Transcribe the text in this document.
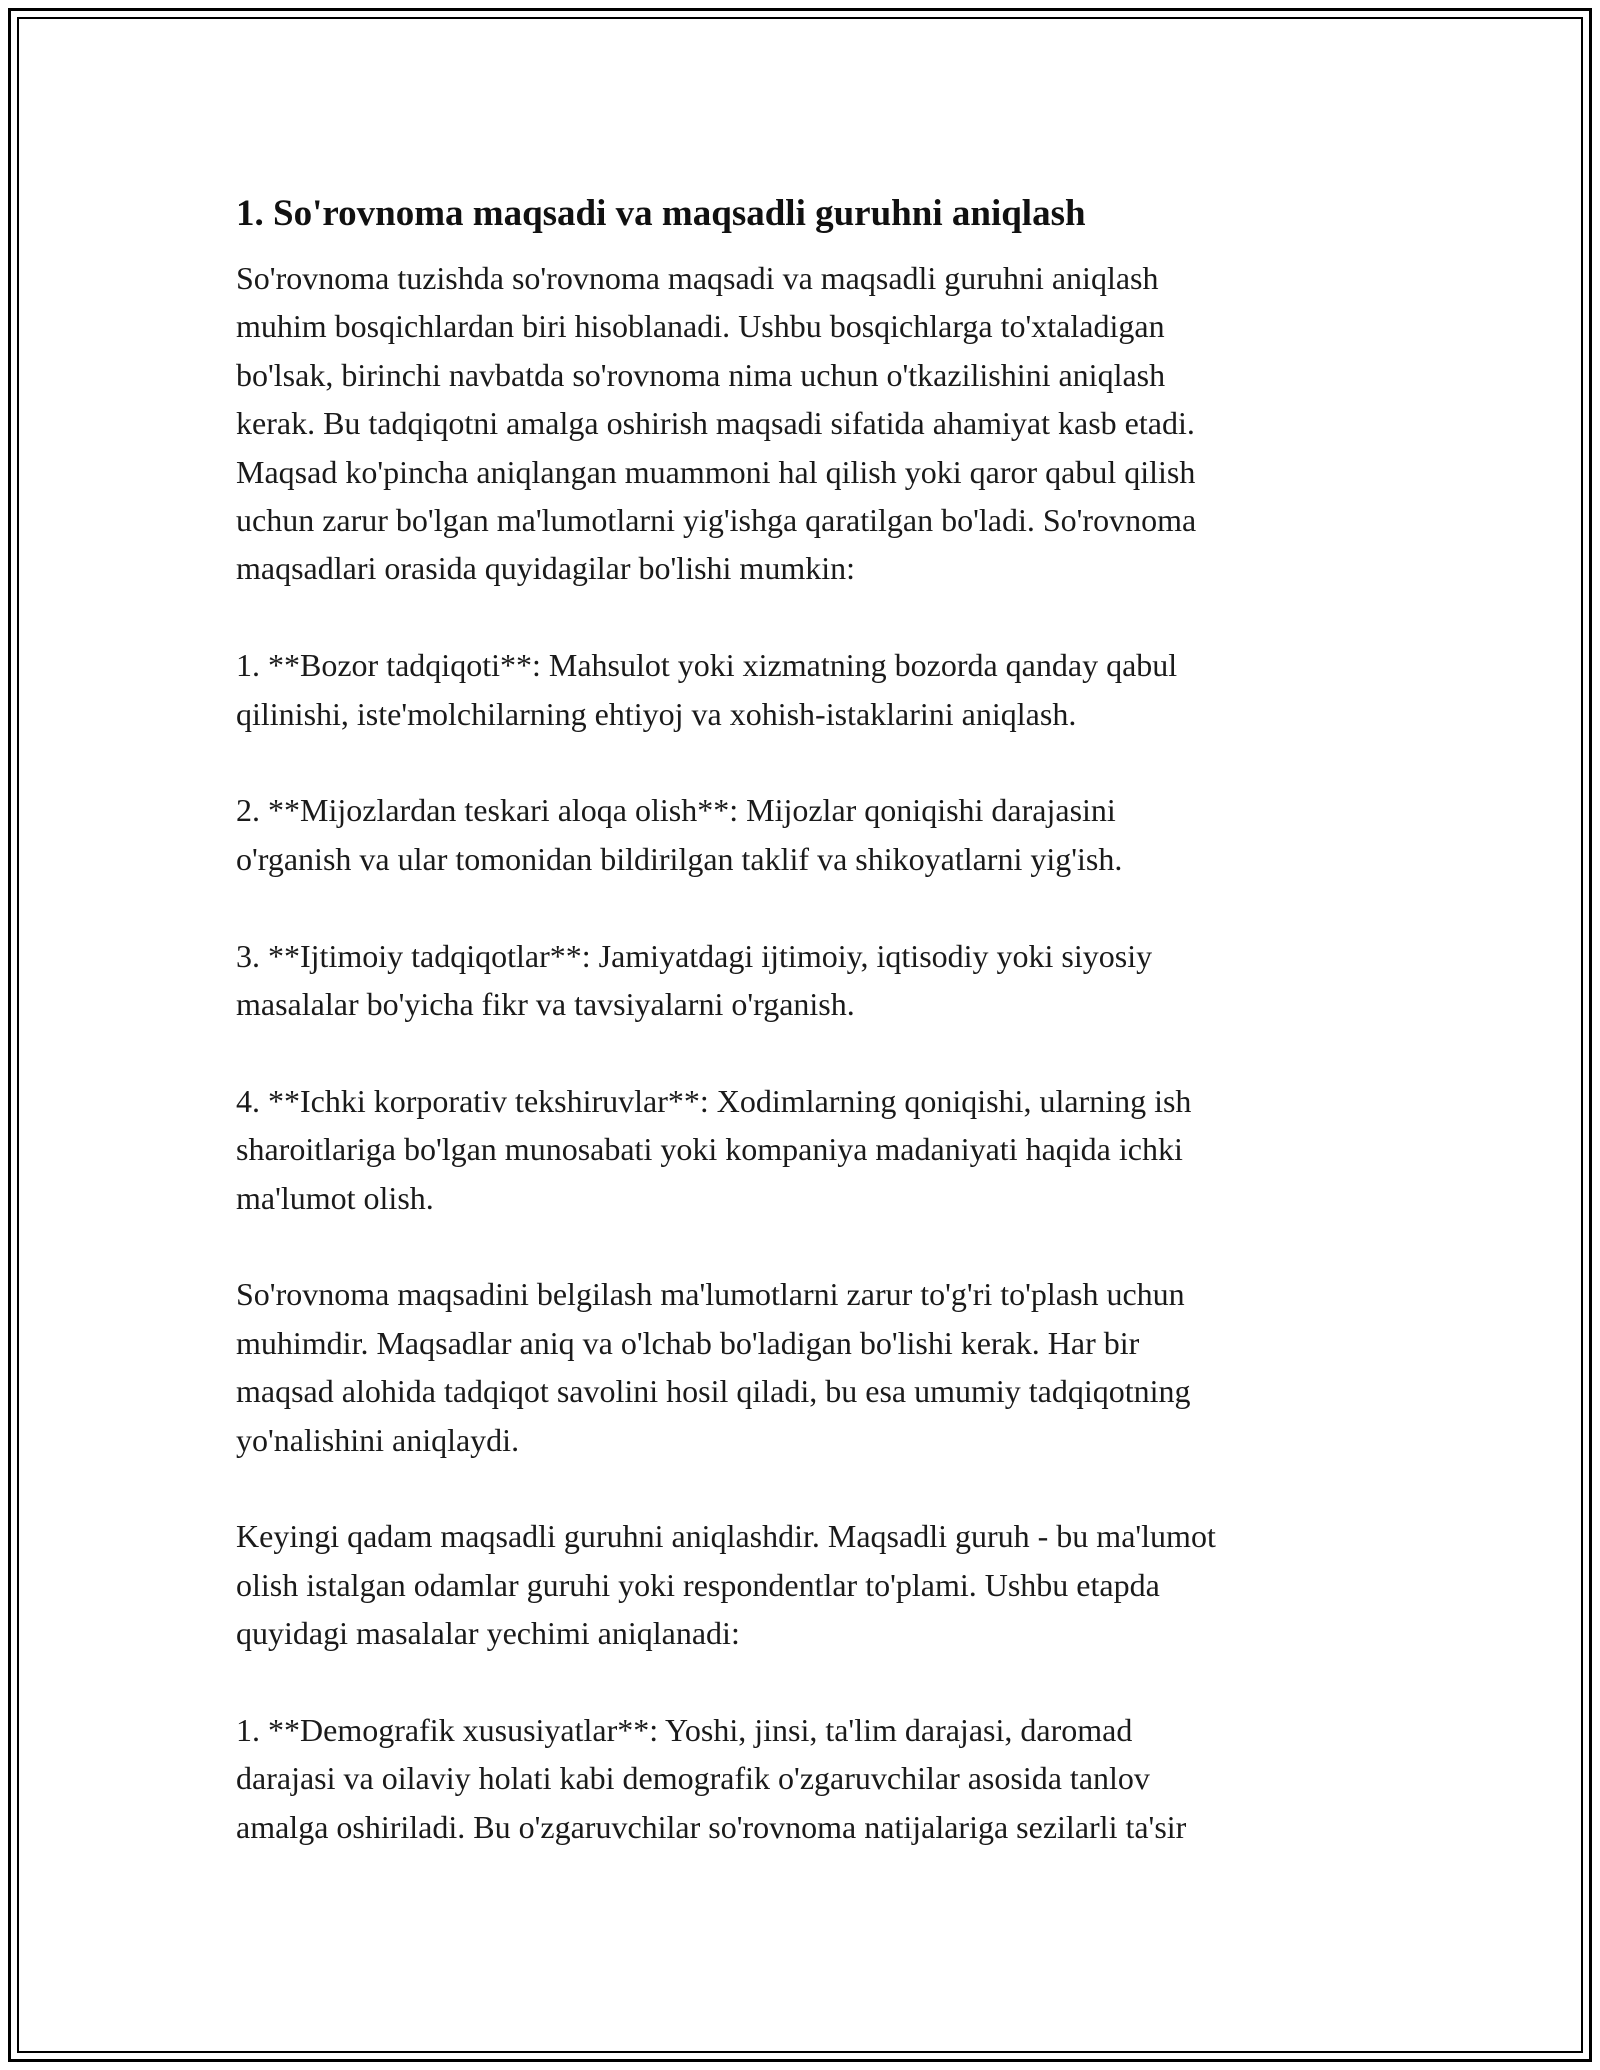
1. So'rovnoma maqsadi va maqsadli guruhni aniqlash

So'rovnoma tuzishda so'rovnoma maqsadi va maqsadli guruhni aniqlash
muhim bosqichlardan biri hisoblanadi. Ushbu bosqichlarga to'xtaladigan
bo'lsak, birinchi navbatda so'rovnoma nima uchun o'tkazilishini aniqlash
kerak. Bu tadqiqotni amalga oshirish maqsadi sifatida ahamiyat kasb etadi.
Maqsad ko'pincha aniqlangan muammoni hal qilish yoki qaror qabul qilish
uchun zarur bo'lgan ma'lumotlarni yig'ishga qaratilgan bo'ladi. So'rovnoma
maqsadlari orasida quyidagilar bo'lishi mumkin:

1. **Bozor tadqiqoti**: Mahsulot yoki xizmatning bozorda qanday qabul
qilinishi, iste'molchilarning ehtiyoj va xohish-istaklarini aniqlash.

2. **Mijozlardan teskari aloqa olish**: Mijozlar qoniqishi darajasini
o'rganish va ular tomonidan bildirilgan taklif va shikoyatlarni yig'ish.

3. **Ijtimoiy tadqiqotlar**: Jamiyatdagi ijtimoiy, iqtisodiy yoki siyosiy
masalalar bo'yicha fikr va tavsiyalarni o'rganish.

4. **Ichki korporativ tekshiruvlar**: Xodimlarning qoniqishi, ularning ish
sharoitlariga bo'lgan munosabati yoki kompaniya madaniyati haqida ichki
ma'lumot olish.

So'rovnoma maqsadini belgilash ma'lumotlarni zarur to'g'ri to'plash uchun
muhimdir. Maqsadlar aniq va o'lchab bo'ladigan bo'lishi kerak. Har bir
maqsad alohida tadqiqot savolini hosil qiladi, bu esa umumiy tadqiqotning
yo'nalishini aniqlaydi.

Keyingi qadam maqsadli guruhni aniqlashdir. Maqsadli guruh - bu ma'lumot
olish istalgan odamlar guruhi yoki respondentlar to'plami. Ushbu etapda
quyidagi masalalar yechimi aniqlanadi:

1. **Demografik xususiyatlar**: Yoshi, jinsi, ta'lim darajasi, daromad
darajasi va oilaviy holati kabi demografik o'zgaruvchilar asosida tanlov
amalga oshiriladi. Bu o'zgaruvchilar so'rovnoma natijalariga sezilarli ta'sir
